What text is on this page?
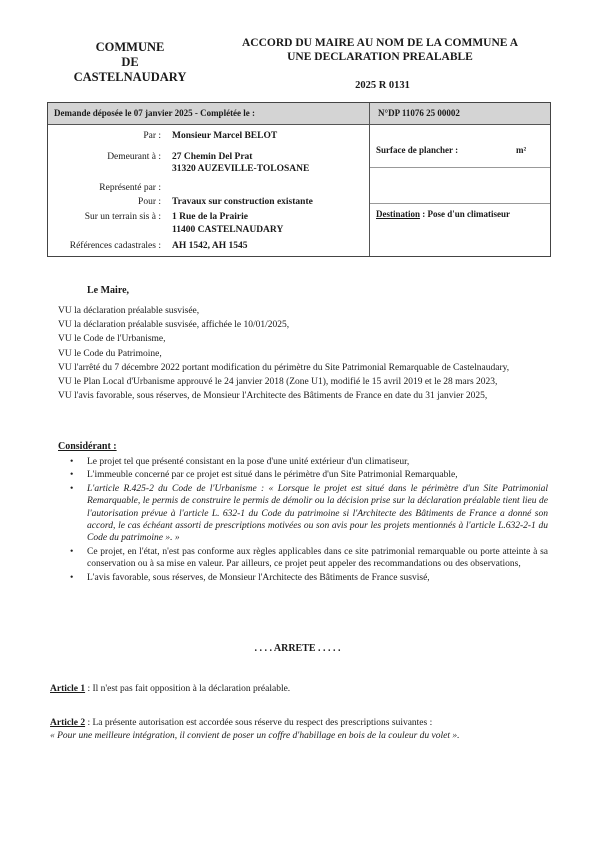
COMMUNE
DE
CASTELNAUDARY
ACCORD DU MAIRE AU NOM DE LA COMMUNE A
UNE DECLARATION PREALABLE
2025 R 0131
Demande déposée le 07 janvier 2025 - Complétée le :	N°DP 11076 25 00002
Par : Monsieur Marcel BELOT
Demeurant à : 27 Chemin Del Prat
31320 AUZEVILLE-TOLOSANE
Représenté par :
Pour : Travaux sur construction existante
Sur un terrain sis à : 1 Rue de la Prairie
11400 CASTELNAUDARY
Références cadastrales : AH 1542, AH 1545
Surface de plancher :	m²
Destination : Pose d'un climatiseur
Le Maire,

VU la déclaration préalable susvisée,

VU la déclaration préalable susvisée, affichée le 10/01/2025,

VU le Code de l'Urbanisme,

VU le Code du Patrimoine,

VU l'arrêté du 7 décembre 2022 portant modification du périmètre du Site Patrimonial Remarquable de Castelnaudary,

VU le Plan Local d'Urbanisme approuvé le 24 janvier 2018 (Zone U1), modifié le 15 avril 2019 et le 28 mars 2023,

VU l'avis favorable, sous réserves, de Monsieur l'Architecte des Bâtiments de France en date du 31 janvier 2025,

Considérant :
• Le projet tel que présenté consistant en la pose d'une unité extérieur d'un climatiseur,
• L'immeuble concerné par ce projet est situé dans le périmètre d'un Site Patrimonial Remarquable,
• L'article R.425-2 du Code de l'Urbanisme : « Lorsque le projet est situé dans le périmètre d'un Site Patrimonial Remarquable, le permis de construire le permis de démolir ou la décision prise sur la déclaration préalable tient lieu de l'autorisation prévue à l'article L. 632-1 du Code du patrimoine si l'Architecte des Bâtiments de France a donné son accord, le cas échéant assorti de prescriptions motivées ou son avis pour les projets mentionnés à l'article L.632-2-1 du Code du patrimoine ». »
• Ce projet, en l'état, n'est pas conforme aux règles applicables dans ce site patrimonial remarquable ou porte atteinte à sa conservation ou à sa mise en valeur. Par ailleurs, ce projet peut appeler des recommandations ou des observations,
• L'avis favorable, sous réserves, de Monsieur l'Architecte des Bâtiments de France susvisé,
. . . . ARRETE . . . . .
Article 1 : Il n'est pas fait opposition à la déclaration préalable.
Article 2 : La présente autorisation est accordée sous réserve du respect des prescriptions suivantes :
« Pour une meilleure intégration, il convient de poser un coffre d'habillage en bois de la couleur du volet ».
